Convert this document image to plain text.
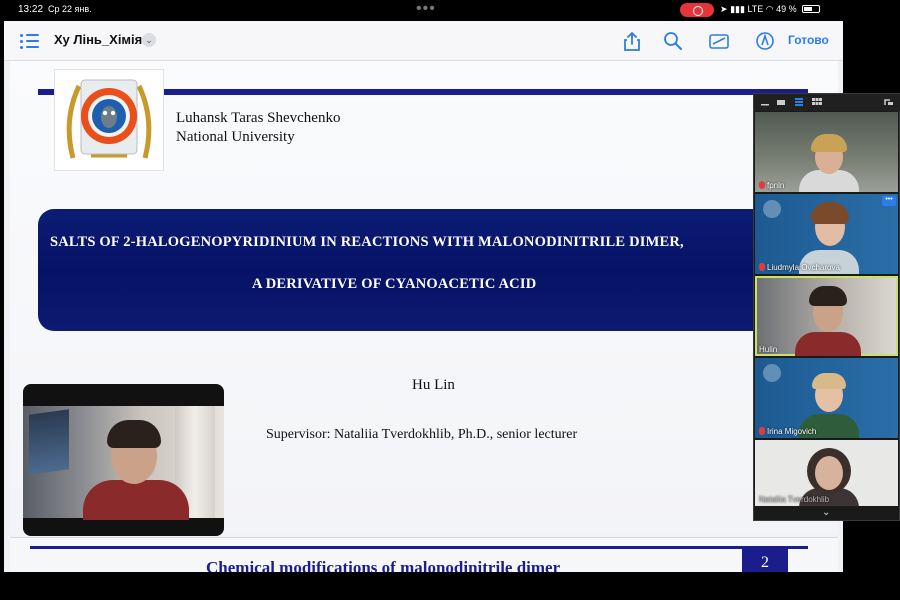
13:22 Ср 22 янв.	•••	➤ ▮▮▮ LTE ◠ 49 %
Ху Лінь_Хімія ⌄	Готово
Luhansk Taras Shevchenko
National University
SALTS OF 2-HALOGENOPYRIDINIUM IN REACTIONS WITH MALONODINITRILE DIMER,
A DERIVATIVE OF CYANOACETIC ACID
Hu Lin
Supervisor: Nataliia Tverdokhlib, Ph.D., senior lecturer
Chemical modifications of malonodinitrile dimer	2
fpnln
•••
Liudmyla Ovcharova
Hulin
Irina Migovich
Nataliia Tverdokhlib
⌄
